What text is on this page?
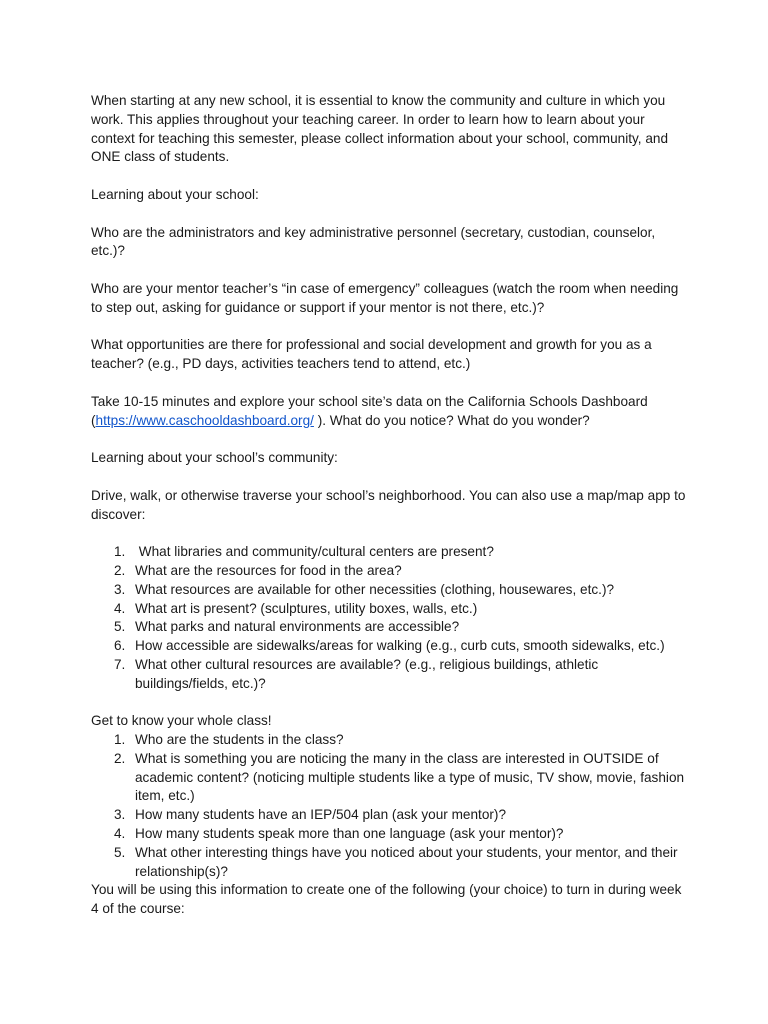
When starting at any new school, it is essential to know the community and culture in which you work. This applies throughout your teaching career. In order to learn how to learn about your context for teaching this semester, please collect information about your school, community, and ONE class of students.

Learning about your school:

Who are the administrators and key administrative personnel (secretary, custodian, counselor, etc.)?

Who are your mentor teacher’s “in case of emergency” colleagues (watch the room when needing to step out, asking for guidance or support if your mentor is not there, etc.)?

What opportunities are there for professional and social development and growth for you as a teacher? (e.g., PD days, activities teachers tend to attend, etc.)

Take 10-15 minutes and explore your school site’s data on the California Schools Dashboard (https://www.caschooldashboard.org/ ). What do you notice? What do you wonder?

Learning about your school’s community:

Drive, walk, or otherwise traverse your school’s neighborhood. You can also use a map/map app to discover:

1. What libraries and community/cultural centers are present?
2. What are the resources for food in the area?
3. What resources are available for other necessities (clothing, housewares, etc.)?
4. What art is present? (sculptures, utility boxes, walls, etc.)
5. What parks and natural environments are accessible?
6. How accessible are sidewalks/areas for walking (e.g., curb cuts, smooth sidewalks, etc.)
7. What other cultural resources are available? (e.g., religious buildings, athletic buildings/fields, etc.)?

Get to know your whole class!

1. Who are the students in the class?
2. What is something you are noticing the many in the class are interested in OUTSIDE of academic content? (noticing multiple students like a type of music, TV show, movie, fashion item, etc.)
3. How many students have an IEP/504 plan (ask your mentor)?
4. How many students speak more than one language (ask your mentor)?
5. What other interesting things have you noticed about your students, your mentor, and their relationship(s)?

You will be using this information to create one of the following (your choice) to turn in during week 4 of the course:
